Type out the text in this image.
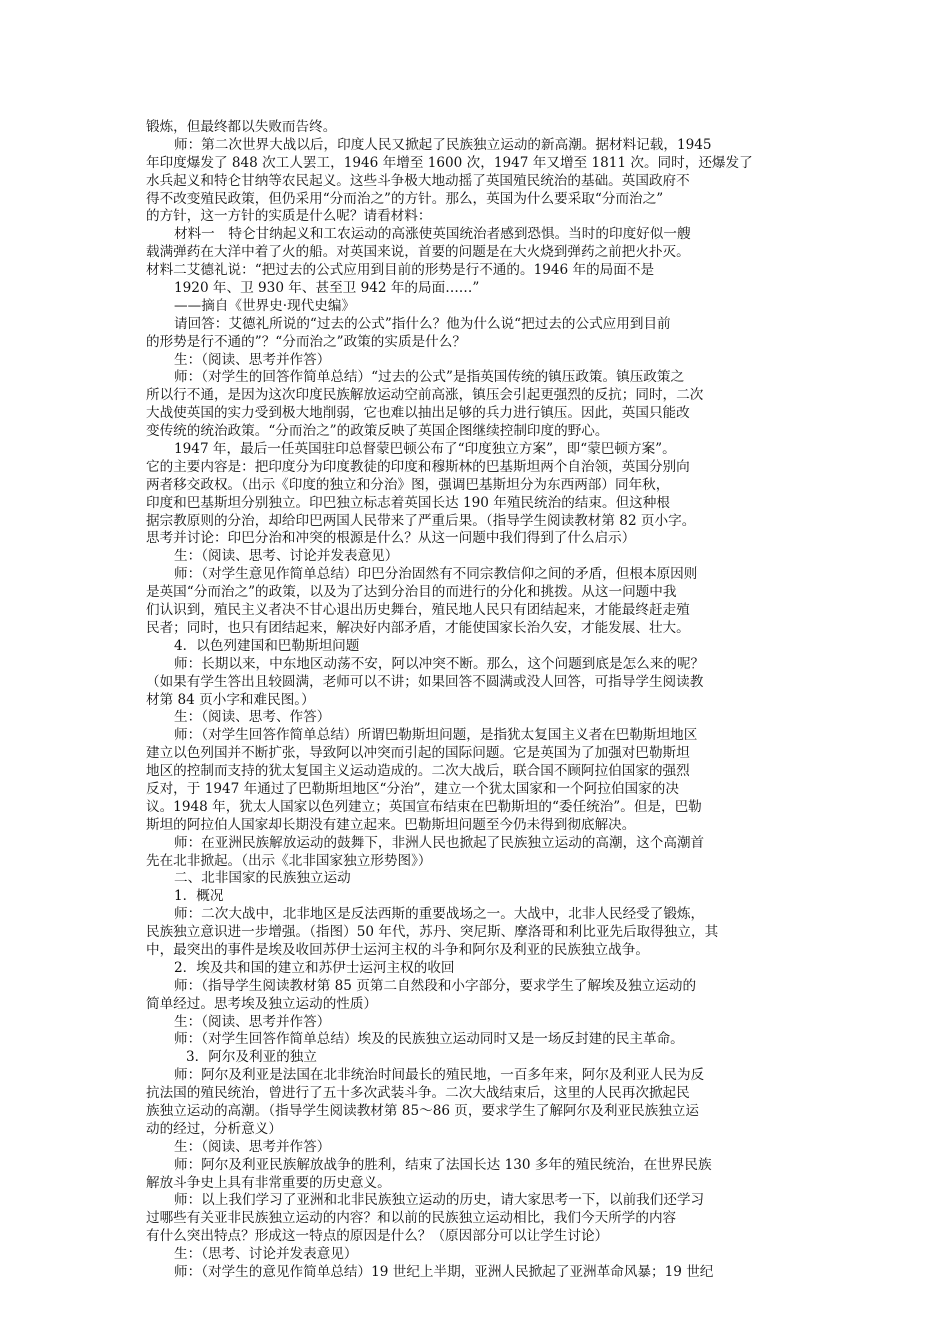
锻炼，但最终都以失败而告终。
师：第二次世界大战以后，印度人民又掀起了民族独立运动的新高潮。据材料记载，1945
年印度爆发了 848 次工人罢工，1946 年增至 1600 次，1947 年又增至 1811 次。同时，还爆发了
水兵起义和特仑甘纳等农民起义。这些斗争极大地动摇了英国殖民统治的基础。英国政府不
得不改变殖民政策，但仍采用“分而治之”的方针。那么，英国为什么要采取“分而治之”
的方针，这一方针的实质是什么呢？请看材料：
材料一　特仑甘纳起义和工农运动的高涨使英国统治者感到恐惧。当时的印度好似一艘
载满弹药在大洋中着了火的船。对英国来说，首要的问题是在大火烧到弹药之前把火扑灭。
材料二艾德礼说：“把过去的公式应用到目前的形势是行不通的。1946 年的局面不是
1920 年、卫 930 年、甚至卫 942 年的局面……”
——摘自《世界史·现代史编》
请回答：艾德礼所说的“过去的公式”指什么？他为什么说“把过去的公式应用到目前
的形势是行不通的”？“分而治之”政策的实质是什么？
生：（阅读、思考并作答）
师：（对学生的回答作简单总结）“过去的公式”是指英国传统的镇压政策。镇压政策之
所以行不通，是因为这次印度民族解放运动空前高涨，镇压会引起更强烈的反抗；同时，二次
大战使英国的实力受到极大地削弱，它也难以抽出足够的兵力进行镇压。因此，英国只能改
变传统的统治政策。“分而治之”的政策反映了英国企图继续控制印度的野心。
1947 年，最后一任英国驻印总督蒙巴顿公布了“印度独立方案”，即“蒙巴顿方案”。
它的主要内容是：把印度分为印度教徒的印度和穆斯林的巴基斯坦两个自治领，英国分别向
两者移交政权。（出示《印度的独立和分治》图，强调巴基斯坦分为东西两部）同年秋，
印度和巴基斯坦分别独立。印巴独立标志着英国长达 190 年殖民统治的结束。但这种根
据宗教原则的分治，却给印巴两国人民带来了严重后果。（指导学生阅读教材第 82 页小字。
思考并讨论：印巴分治和冲突的根源是什么？从这一问题中我们得到了什么启示）
生：（阅读、思考、讨论并发表意见）
师：（对学生意见作简单总结）印巴分治固然有不同宗教信仰之间的矛盾，但根本原因则
是英国“分而治之”的政策，以及为了达到分治目的而进行的分化和挑拨。从这一问题中我
们认识到，殖民主义者决不甘心退出历史舞台，殖民地人民只有团结起来，才能最终赶走殖
民者；同时，也只有团结起来，解决好内部矛盾，才能使国家长治久安，才能发展、壮大。
4．以色列建国和巴勒斯坦问题
师：长期以来，中东地区动荡不安，阿以冲突不断。那么，这个问题到底是怎么来的呢？
（如果有学生答出且较圆满，老师可以不讲；如果回答不圆满或没人回答，可指导学生阅读教
材第 84 页小字和难民图。）
生：（阅读、思考、作答）
师：（对学生回答作简单总结）所谓巴勒斯坦问题，是指犹太复国主义者在巴勒斯坦地区
建立以色列国并不断扩张，导致阿以冲突而引起的国际问题。它是英国为了加强对巴勒斯坦
地区的控制而支持的犹太复国主义运动造成的。二次大战后，联合国不顾阿拉伯国家的强烈
反对，于 1947 年通过了巴勒斯坦地区“分治”，建立一个犹太国家和一个阿拉伯国家的决
议。1948 年，犹太人国家以色列建立；英国宣布结束在巴勒斯坦的“委任统治”。但是，巴勒
斯坦的阿拉伯人国家却长期没有建立起来。巴勒斯坦问题至今仍未得到彻底解决。
师：在亚洲民族解放运动的鼓舞下，非洲人民也掀起了民族独立运动的高潮，这个高潮首
先在北非掀起。（出示《北非国家独立形势图》）
二、北非国家的民族独立运动
1．概况
师：二次大战中，北非地区是反法西斯的重要战场之一。大战中，北非人民经受了锻炼，
民族独立意识进一步增强。（指图）50 年代，苏丹、突尼斯、摩洛哥和利比亚先后取得独立，其
中，最突出的事件是埃及收回苏伊士运河主权的斗争和阿尔及利亚的民族独立战争。
2．埃及共和国的建立和苏伊士运河主权的收回
师：（指导学生阅读教材第 85 页第二自然段和小字部分，要求学生了解埃及独立运动的
简单经过。思考埃及独立运动的性质）
生：（阅读、思考并作答）
师：（对学生回答作简单总结）埃及的民族独立运动同时又是一场反封建的民主革命。
3．阿尔及利亚的独立
师：阿尔及利亚是法国在北非统治时间最长的殖民地，一百多年来，阿尔及利亚人民为反
抗法国的殖民统治，曾进行了五十多次武装斗争。二次大战结束后，这里的人民再次掀起民
族独立运动的高潮。（指导学生阅读教材第 85～86 页，要求学生了解阿尔及利亚民族独立运
动的经过，分析意义）
生：（阅读、思考并作答）
师：阿尔及利亚民族解放战争的胜利，结束了法国长达 130 多年的殖民统治，在世界民族
解放斗争史上具有非常重要的历史意义。
师：以上我们学习了亚洲和北非民族独立运动的历史，请大家思考一下，以前我们还学习
过哪些有关亚非民族独立运动的内容？和以前的民族独立运动相比，我们今天所学的内容
有什么突出特点？形成这一特点的原因是什么？（原因部分可以让学生讨论）
生：（思考、讨论并发表意见）
师：（对学生的意见作简单总结）19 世纪上半期，亚洲人民掀起了亚洲革命风暴；19 世纪
